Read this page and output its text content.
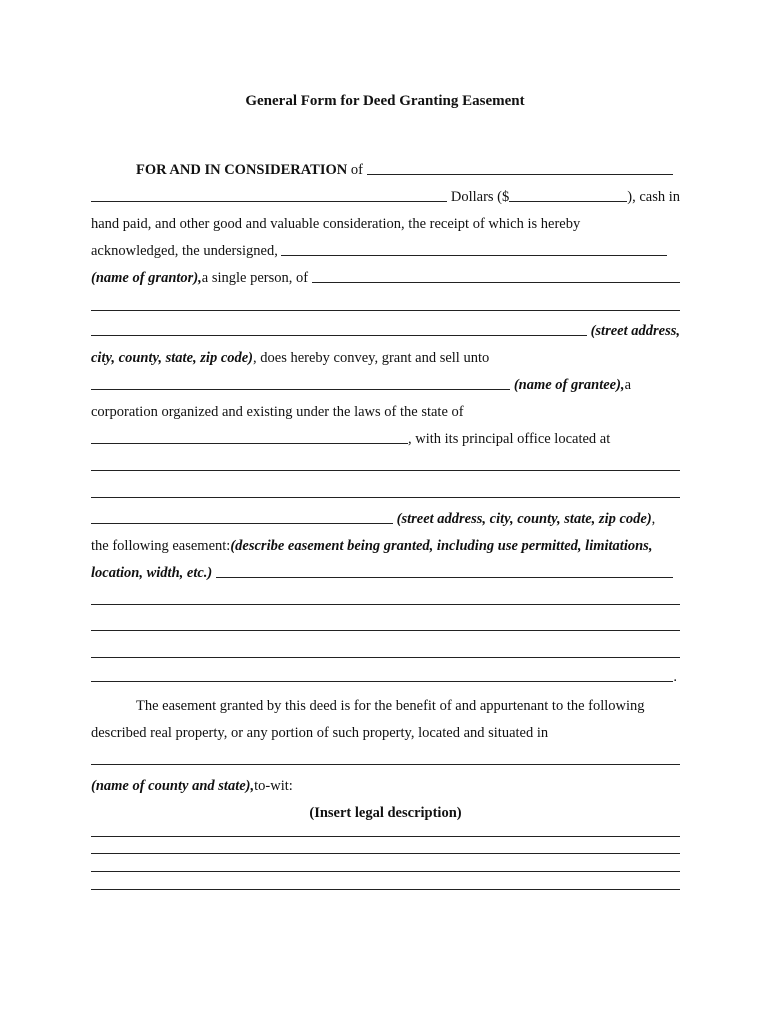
General Form for Deed Granting Easement
FOR AND IN CONSIDERATION
of

Dollars ($	), cash in
hand paid, and other good and valuable consideration, the receipt of which is hereby
acknowledged, the undersigned,

(name of grantor), a single person, of

(street address,
city, county, state, zip code) , does hereby convey, grant and sell unto

(name of grantee), a
corporation organized and existing under the laws of the state of
, with its principal office located at

(street address, city, county, state, zip code) ,
the following easement: (describe easement being granted, including use permitted, limitations,
location, width, etc.)

.
The easement granted by this deed is for the benefit of and appurtenant to the following
described real property, or any portion of such property, located and situated in
(name of county and state), to-wit:
(Insert legal description)
